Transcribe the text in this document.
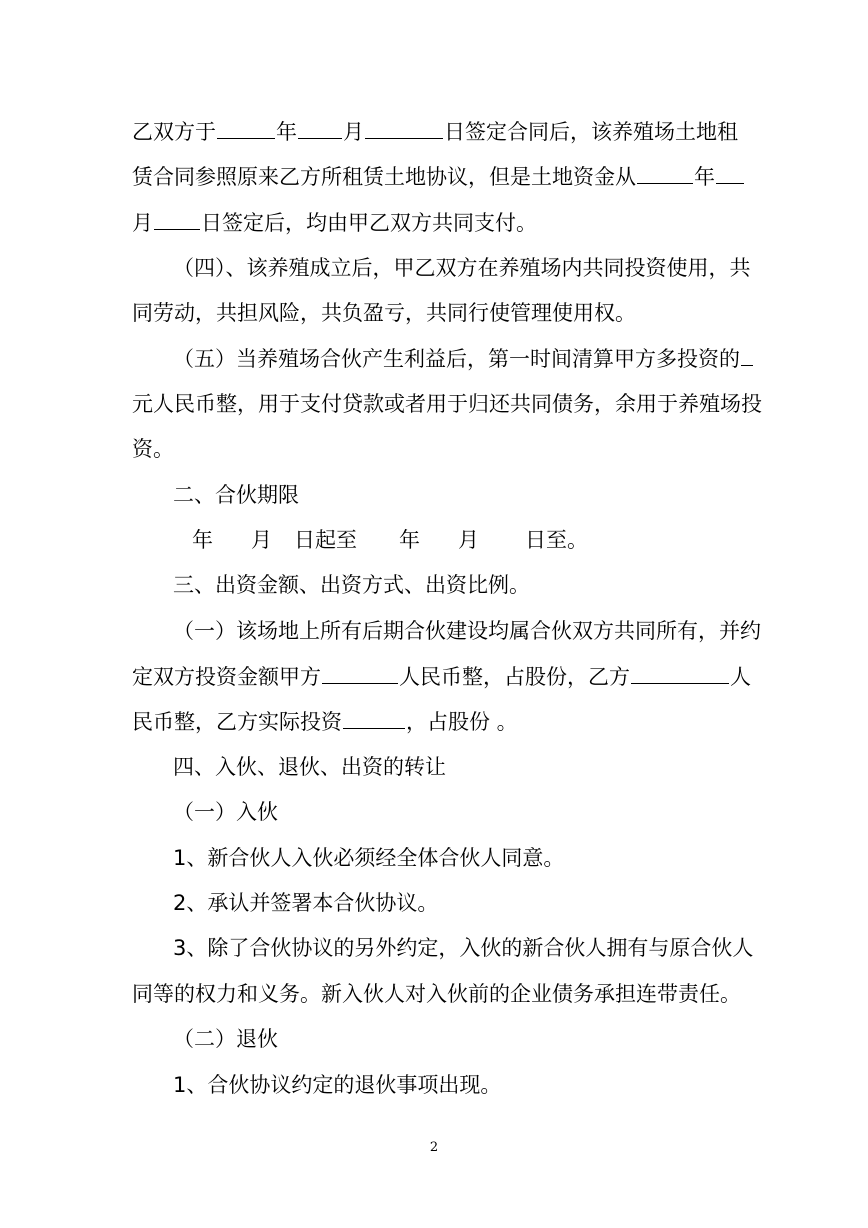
乙双方于	年 月	日签定合同后，该养殖场土地租
赁合同参照原来乙方所租赁土地协议，但是土地资金从	年
月 日签定后，均由甲乙双方共同支付。
（四）、该养殖成立后，甲乙双方在养殖场内共同投资使用，共
同劳动，共担风险，共负盈亏，共同行使管理使用权。
（五）当养殖场合伙产生利益后，第一时间清算甲方多投资的
元人民币整，用于支付贷款或者用于归还共同债务，余用于养殖场投
资。
二、合伙期限
年 月 日起至 年 月 日至。
三、出资金额、出资方式、出资比例。
（一）该场地上所有后期合伙建设均属合伙双方共同所有，并约
定双方投资金额甲方	人民币整，占股份，乙方	人
民币整，乙方实际投资	，占股份 。
四、入伙、退伙、出资的转让
（一）入伙
1、新合伙人入伙必须经全体合伙人同意。
2、承认并签署本合伙协议。
3、除了合伙协议的另外约定，入伙的新合伙人拥有与原合伙人
同等的权力和义务。新入伙人对入伙前的企业债务承担连带责任。
（二）退伙
1、合伙协议约定的退伙事项出现。
2
